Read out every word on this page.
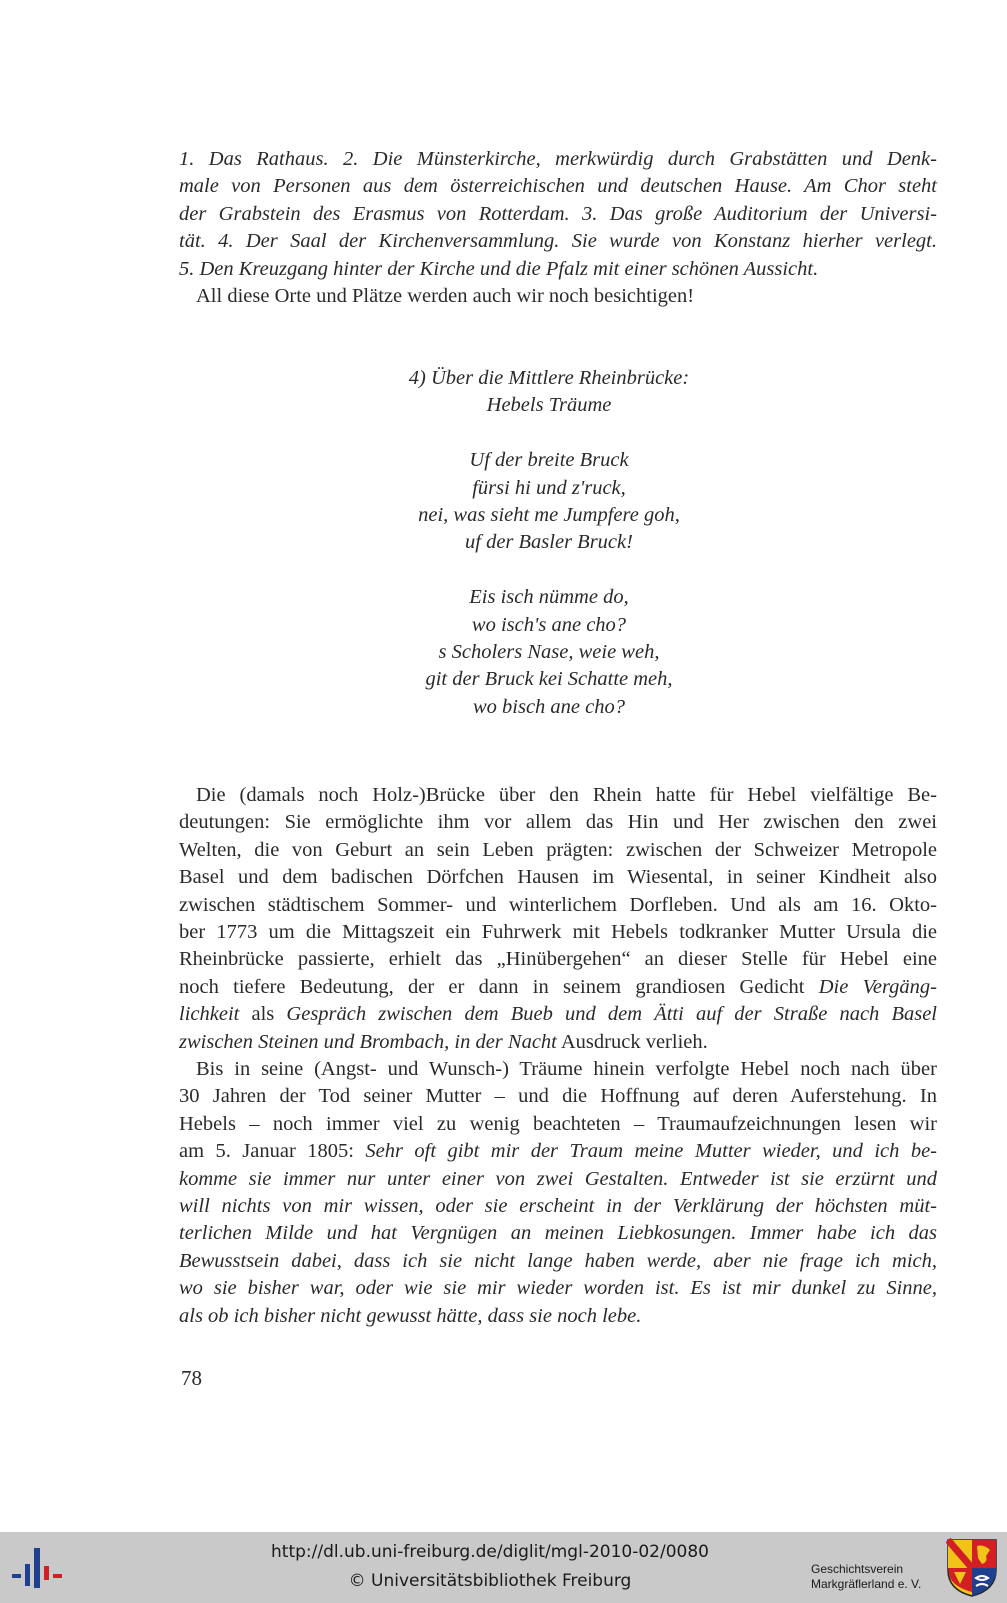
1. Das Rathaus. 2. Die Münsterkirche, merkwürdig durch Grabstätten und Denk-
male von Personen aus dem österreichischen und deutschen Hause. Am Chor steht
der Grabstein des Erasmus von Rotterdam. 3. Das große Auditorium der Universi-
tät. 4. Der Saal der Kirchenversammlung. Sie wurde von Konstanz hierher verlegt.
5. Den Kreuzgang hinter der Kirche und die Pfalz mit einer schönen Aussicht.
All diese Orte und Plätze werden auch wir noch besichtigen!
4) Über die Mittlere Rheinbrücke:
Hebels Träume
Uf der breite Bruck
fürsi hi und z'ruck,
nei, was sieht me Jumpfere goh,
uf der Basler Bruck!
Eis isch nümme do,
wo isch's ane cho?
s Scholers Nase, weie weh,
git der Bruck kei Schatte meh,
wo bisch ane cho?
Die (damals noch Holz-)Brücke über den Rhein hatte für Hebel vielfältige Be-
deutungen: Sie ermöglichte ihm vor allem das Hin und Her zwischen den zwei
Welten, die von Geburt an sein Leben prägten: zwischen der Schweizer Metropole
Basel und dem badischen Dörfchen Hausen im Wiesental, in seiner Kindheit also
zwischen städtischem Sommer- und winterlichem Dorfleben. Und als am 16. Okto-
ber 1773 um die Mittagszeit ein Fuhrwerk mit Hebels todkranker Mutter Ursula die
Rheinbrücke passierte, erhielt das „Hinübergehen“ an dieser Stelle für Hebel eine
noch tiefere Bedeutung, der er dann in seinem grandiosen Gedicht Die Vergäng-
lichkeit als Gespräch zwischen dem Bueb und dem Ätti auf der Straße nach Basel
zwischen Steinen und Brombach, in der Nacht Ausdruck verlieh.
Bis in seine (Angst- und Wunsch-) Träume hinein verfolgte Hebel noch nach über
30 Jahren der Tod seiner Mutter – und die Hoffnung auf deren Auferstehung. In
Hebels – noch immer viel zu wenig beachteten – Traumaufzeichnungen lesen wir
am 5. Januar 1805: Sehr oft gibt mir der Traum meine Mutter wieder, und ich be-
komme sie immer nur unter einer von zwei Gestalten. Entweder ist sie erzürnt und
will nichts von mir wissen, oder sie erscheint in der Verklärung der höchsten müt-
terlichen Milde und hat Vergnügen an meinen Liebkosungen. Immer habe ich das
Bewusstsein dabei, dass ich sie nicht lange haben werde, aber nie frage ich mich,
wo sie bisher war, oder wie sie mir wieder worden ist. Es ist mir dunkel zu Sinne,
als ob ich bisher nicht gewusst hätte, dass sie noch lebe.
78
http://dl.ub.uni-freiburg.de/diglit/mgl-2010-02/0080
© Universitätsbibliothek Freiburg
Geschichtsverein
Markgräflerland e. V.
